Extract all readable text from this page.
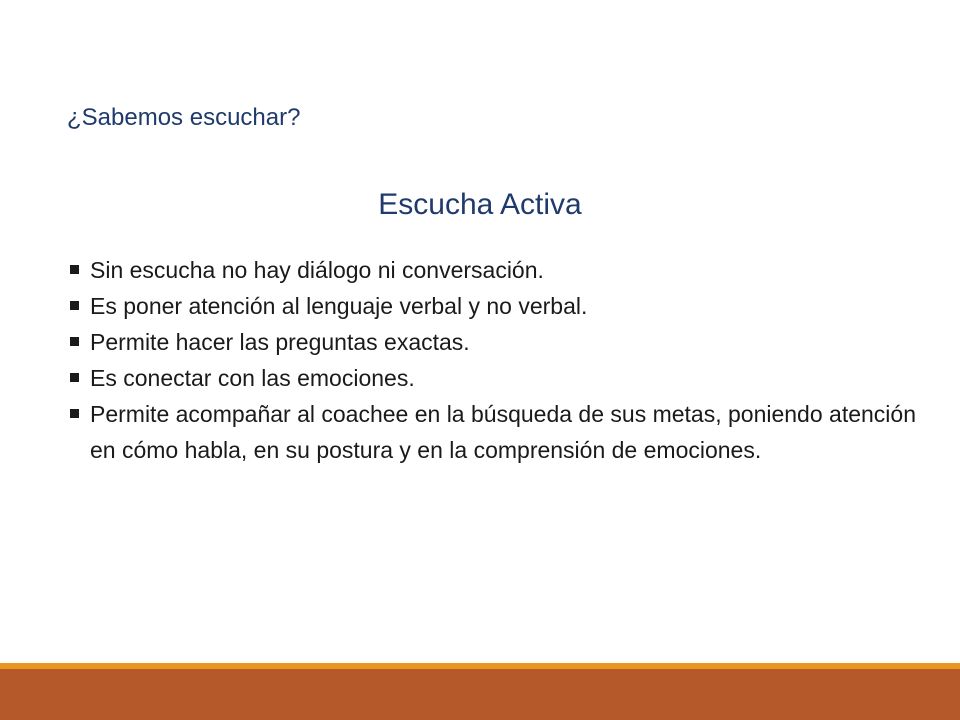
¿Sabemos escuchar?
Escucha Activa
Sin escucha no hay diálogo ni conversación.
Es poner atención al lenguaje verbal y no verbal.
Permite hacer las preguntas exactas.
Es conectar con las emociones.
Permite acompañar al coachee en la búsqueda de sus metas, poniendo atención en cómo habla, en su postura y en la comprensión de emociones.
